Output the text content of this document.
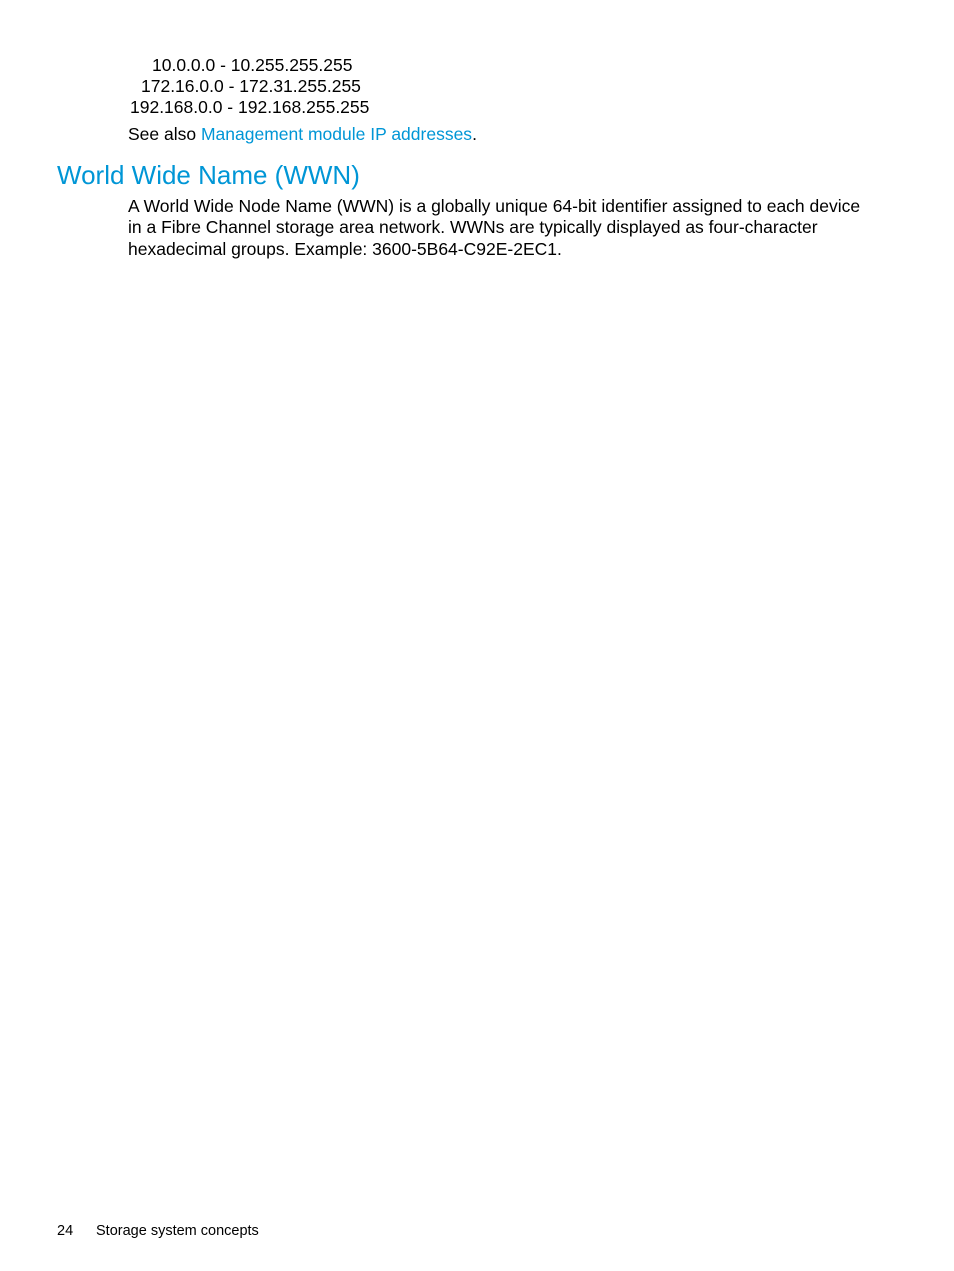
10.0.0.0 - 10.255.255.255
172.16.0.0 - 172.31.255.255
192.168.0.0 - 192.168.255.255
See also Management module IP addresses.
World Wide Name (WWN)

A World Wide Node Name (WWN) is a globally unique 64-bit identifier assigned to each device in a Fibre Channel storage area network. WWNs are typically displayed as four-character hexadecimal groups. Example: 3600-5B64-C92E-2EC1.

24 Storage system concepts
